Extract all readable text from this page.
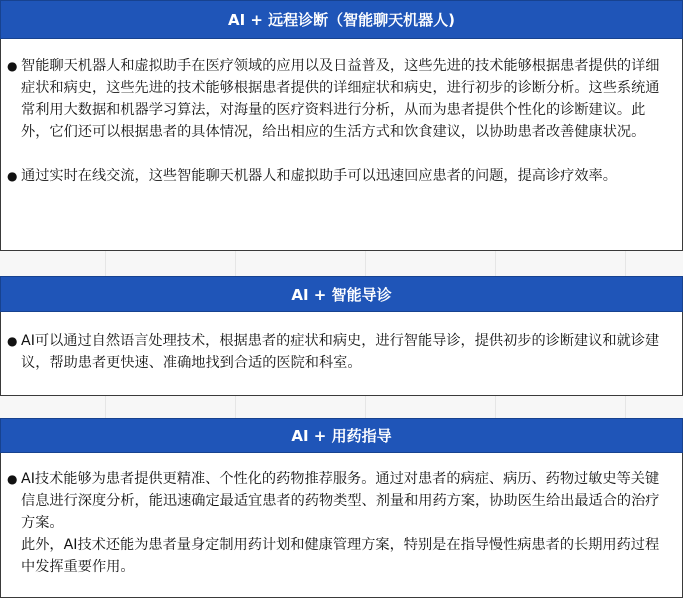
AI + 远程诊断（智能聊天机器人)
● 智能聊天机器人和虚拟助手在医疗领域的应用以及日益普及，这些先进的技术能够根据患者提供的详细症状和病史，这些先进的技术能够根据患者提供的详细症状和病史，进行初步的诊断分析。这些系统通常利用大数据和机器学习算法，对海量的医疗资料进行分析，从而为患者提供个性化的诊断建议。此外，它们还可以根据患者的具体情况，给出相应的生活方式和饮食建议，以协助患者改善健康状况。
● 通过实时在线交流，这些智能聊天机器人和虚拟助手可以迅速回应患者的问题，提高诊疗效率。
AI + 智能导诊
● AI可以通过自然语言处理技术，根据患者的症状和病史，进行智能导诊，提供初步的诊断建议和就诊建议，帮助患者更快速、准确地找到合适的医院和科室。
AI + 用药指导
● AI技术能够为患者提供更精准、个性化的药物推荐服务。通过对患者的病症、病历、药物过敏史等关键信息进行深度分析，能迅速确定最适宜患者的药物类型、剂量和用药方案，协助医生给出最适合的治疗方案。
此外，AI技术还能为患者量身定制用药计划和健康管理方案，特别是在指导慢性病患者的长期用药过程中发挥重要作用。
